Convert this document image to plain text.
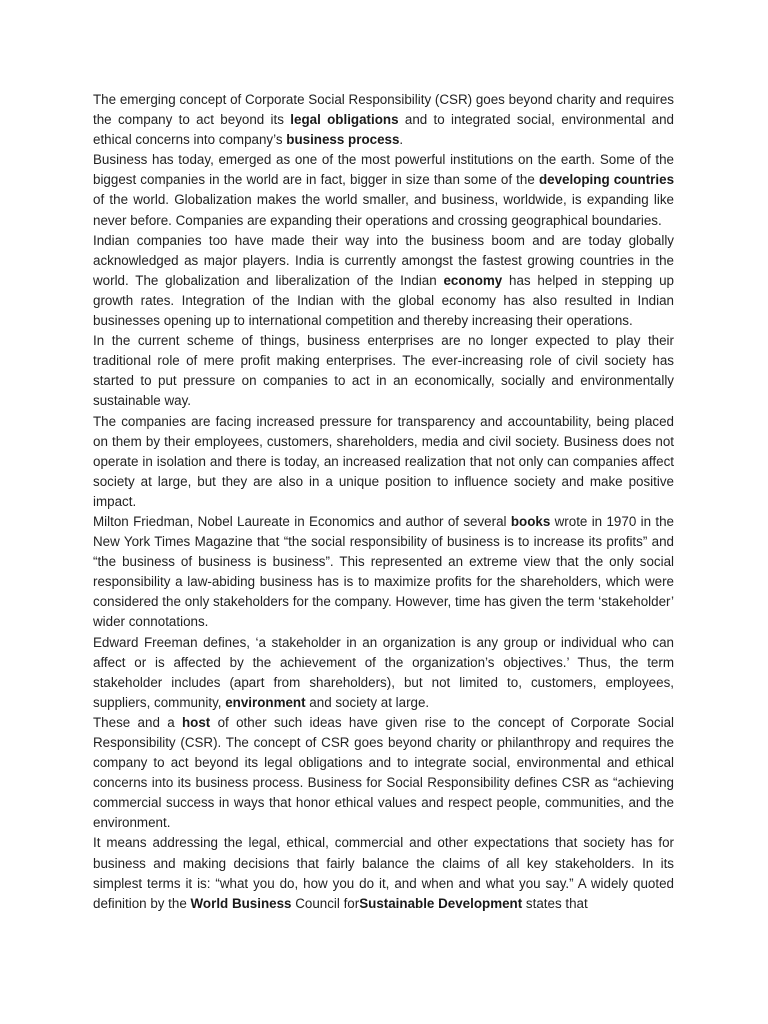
The emerging concept of Corporate Social Responsibility (CSR) goes beyond charity and requires the company to act beyond its legal obligations and to integrated social, environmental and ethical concerns into company’s business process.

Business has today, emerged as one of the most powerful institutions on the earth. Some of the biggest companies in the world are in fact, bigger in size than some of the developing countries of the world. Globalization makes the world smaller, and business, worldwide, is expanding like never before. Companies are expanding their operations and crossing geographical boundaries.

Indian companies too have made their way into the business boom and are today globally acknowledged as major players. India is currently amongst the fastest growing countries in the world. The globalization and liberalization of the Indian economy has helped in stepping up growth rates. Integration of the Indian with the global economy has also resulted in Indian businesses opening up to international competition and thereby increasing their operations.

In the current scheme of things, business enterprises are no longer expected to play their traditional role of mere profit making enterprises. The ever-increasing role of civil society has started to put pressure on companies to act in an economically, socially and environmentally sustainable way.

The companies are facing increased pressure for transparency and accountability, being placed on them by their employees, customers, shareholders, media and civil society. Business does not operate in isolation and there is today, an increased realization that not only can companies affect society at large, but they are also in a unique position to influence society and make positive impact.

Milton Friedman, Nobel Laureate in Economics and author of several books wrote in 1970 in the New York Times Magazine that “the social responsibility of business is to increase its profits” and “the business of business is business”. This represented an extreme view that the only social responsibility a law-abiding business has is to maximize profits for the shareholders, which were considered the only stakeholders for the company. However, time has given the term ‘stakeholder’ wider connotations.

Edward Freeman defines, ‘a stakeholder in an organization is any group or individual who can affect or is affected by the achievement of the organization’s objectives.’ Thus, the term stakeholder includes (apart from shareholders), but not limited to, customers, employees, suppliers, community, environment and society at large.

These and a host of other such ideas have given rise to the concept of Corporate Social Responsibility (CSR). The concept of CSR goes beyond charity or philanthropy and requires the company to act beyond its legal obligations and to integrate social, environmental and ethical concerns into its business process. Business for Social Responsibility defines CSR as “achieving commercial success in ways that honor ethical values and respect people, communities, and the environment.

It means addressing the legal, ethical, commercial and other expectations that society has for business and making decisions that fairly balance the claims of all key stakeholders. In its simplest terms it is: “what you do, how you do it, and when and what you say.” A widely quoted definition by the World Business Council forSustainable Development states that
